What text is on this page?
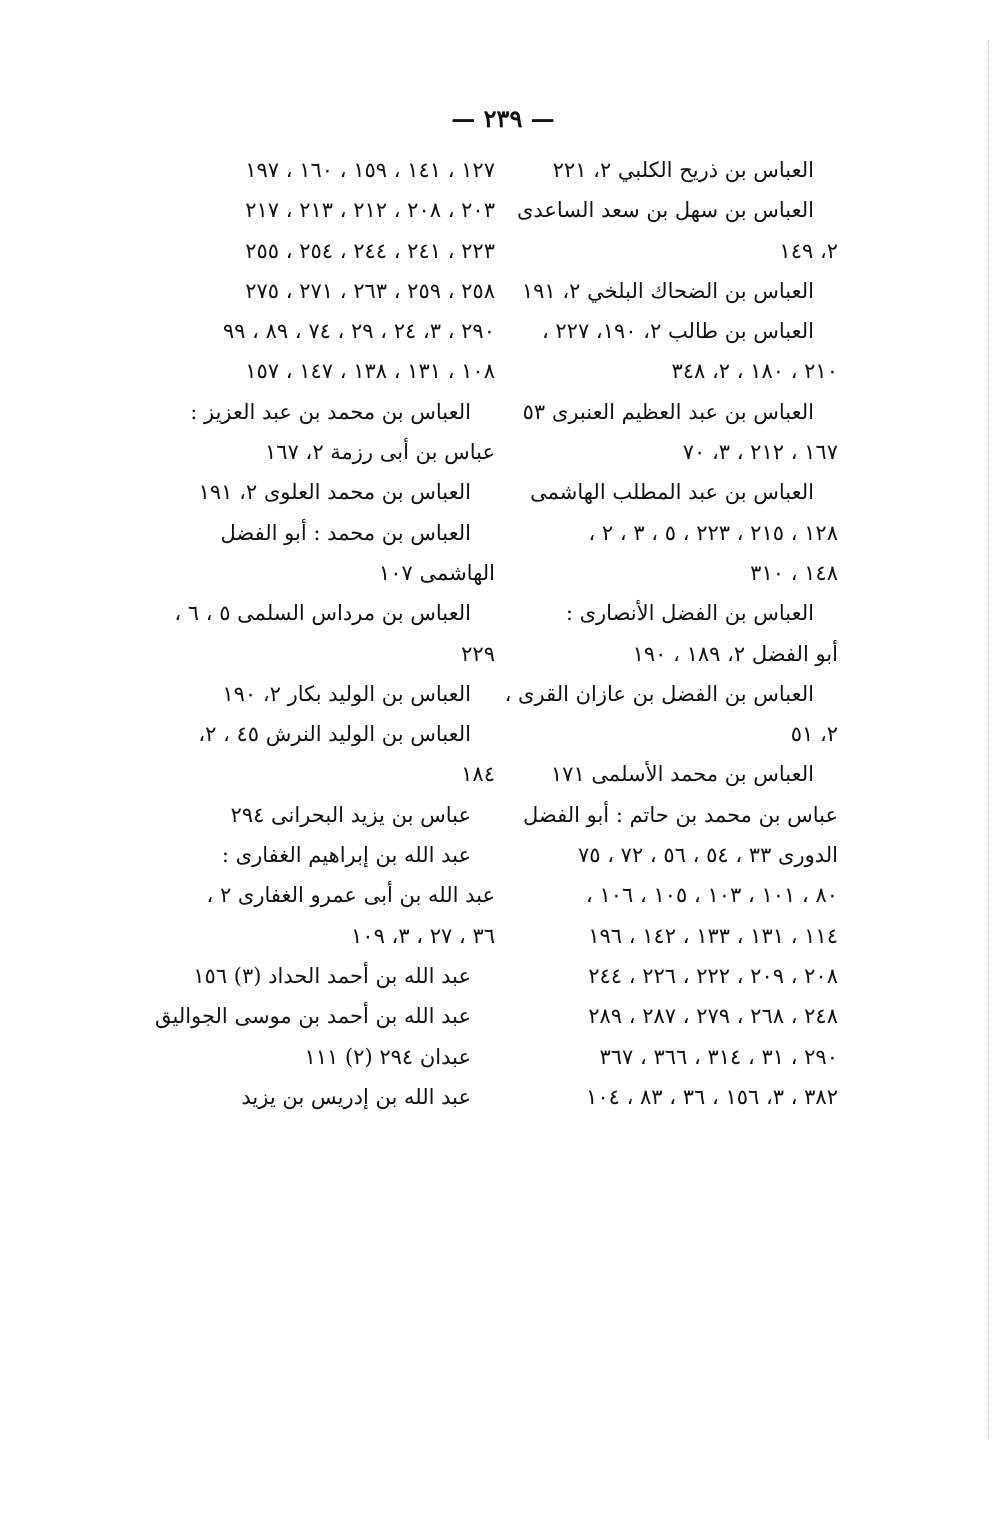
— ٢٣٩ —
العباس بن ذريح الكلبي ٢، ٢٢١
العباس بن سهل بن سعد الساعدى
٢، ١٤٩
العباس بن الضحاك البلخي ٢، ١٩١
العباس بن طالب ٢، ١٩٠، ٢٢٧ ،
٢١٠ ، ١٨٠ ، ٢، ٣٤٨
العباس بن عبد العظيم العنبرى ٥٣
١٦٧ ، ٢١٢ ، ٣، ٧٠
العباس بن عبد المطلب الهاشمى
١٢٨ ، ٢١٥ ، ٢٢٣ ، ٥ ، ٣ ، ٢ ،
١٤٨ ، ٣١٠
العباس بن الفضل الأنصارى :
أبو الفضل ٢، ١٨٩ ، ١٩٠
العباس بن الفضل بن عازان القرى ،
٢، ٥١
العباس بن محمد الأسلمى ١٧١
عباس بن محمد بن حاتم : أبو الفضل
الدورى ٣٣ ، ٥٤ ، ٥٦ ، ٧٢ ، ٧٥
٨٠ ، ١٠١ ، ١٠٣ ، ١٠٥ ، ١٠٦ ،
١١٤ ، ١٣١ ، ١٣٣ ، ١٤٢ ، ١٩٦
٢٠٨ ، ٢٠٩ ، ٢٢٢ ، ٢٢٦ ، ٢٤٤
٢٤٨ ، ٢٦٨ ، ٢٧٩ ، ٢٨٧ ، ٢٨٩
٢٩٠ ، ٣١ ، ٣١٤ ، ٣٦٦ ، ٣٦٧
٣٨٢ ، ٣، ١٥٦ ، ٣٦ ، ٨٣ ، ١٠٤
١٢٧ ، ١٤١ ، ١٥٩ ، ١٦٠ ، ١٩٧
٢٠٣ ، ٢٠٨ ، ٢١٢ ، ٢١٣ ، ٢١٧
٢٢٣ ، ٢٤١ ، ٢٤٤ ، ٢٥٤ ، ٢٥٥
٢٥٨ ، ٢٥٩ ، ٢٦٣ ، ٢٧١ ، ٢٧٥
٢٩٠ ، ٣، ٢٤ ، ٢٩ ، ٧٤ ، ٨٩ ، ٩٩
١٠٨ ، ١٣١ ، ١٣٨ ، ١٤٧ ، ١٥٧
العباس بن محمد بن عبد العزيز :
عباس بن أبى رزمة ٢، ١٦٧
العباس بن محمد العلوى ٢، ١٩١
العباس بن محمد : أبو الفضل
الهاشمى ١٠٧
العباس بن مرداس السلمى ٥ ، ٦ ،
٢٢٩
العباس بن الوليد بكار ٢، ١٩٠
العباس بن الوليد النرش ٤٥ ، ٢،
١٨٤
عباس بن يزيد البحرانى ٢٩٤
عبد الله بن إبراهيم الغفارى :
عبد الله بن أبى عمرو الغفارى ٢ ،
٣٦ ، ٢٧ ، ٣، ١٠٩
عبد الله بن أحمد الحداد (٣) ١٥٦
عبد الله بن أحمد بن موسى الجواليق
عبدان ٢٩٤ (٢) ١١١
عبد الله بن إدريس بن يزيد
